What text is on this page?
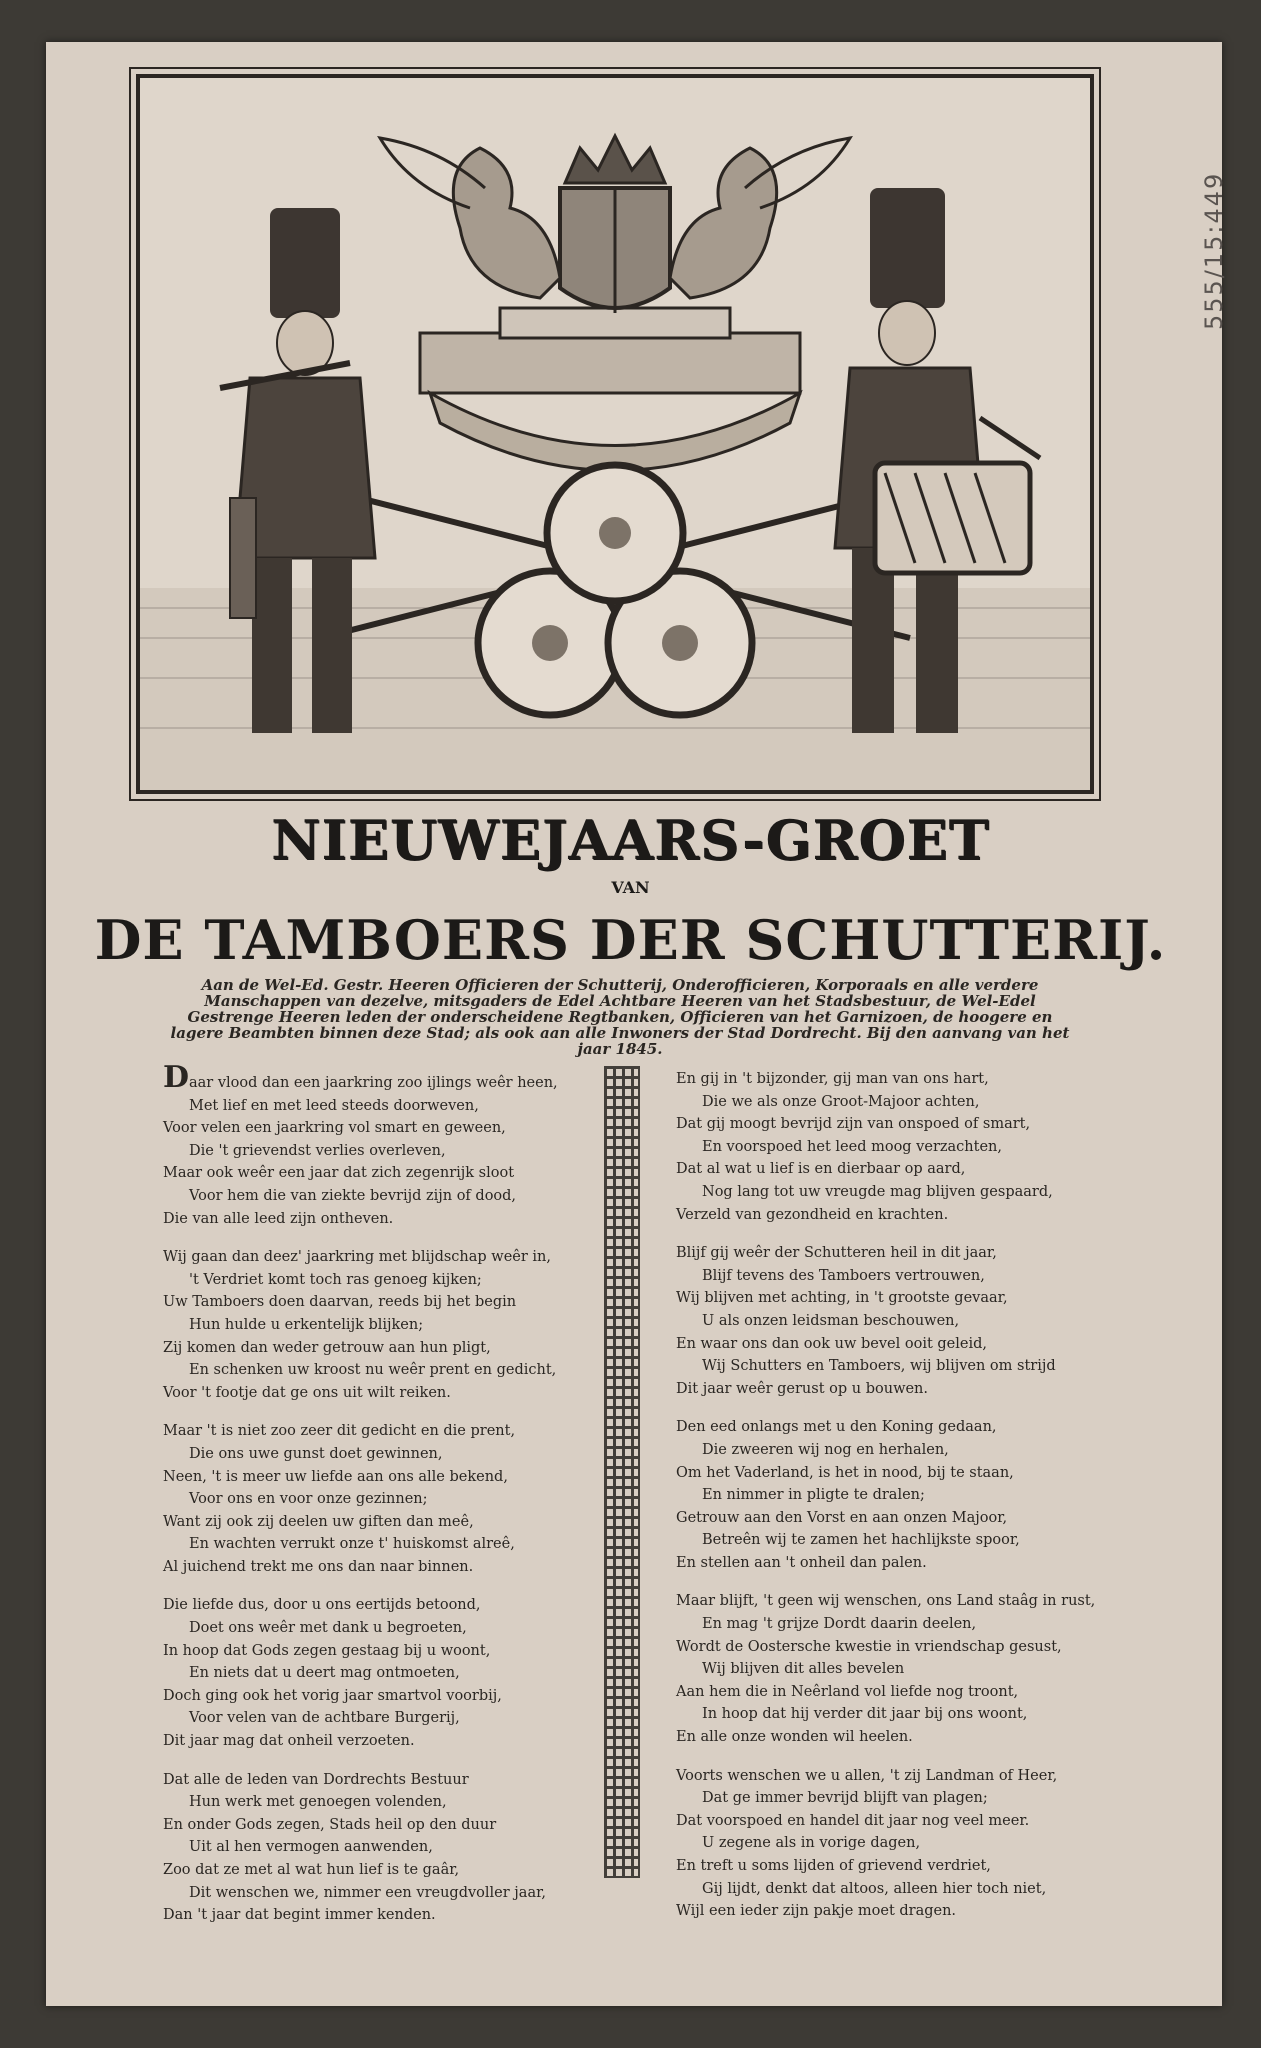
555/15:449
NIEUWEJAARS-GROET
VAN
DE TAMBOERS DER SCHUTTERIJ.
Aan de Wel-Ed. Gestr. Heeren Officieren der Schutterij, Onderofficieren, Korporaals en alle verdere Manschappen van dezelve, mitsgaders de Edel Achtbare Heeren van het Stadsbestuur, de Wel-Edel Gestrenge Heeren leden der onderscheidene Regtbanken, Officieren van het Garnizoen, de hoogere en lagere Beambten binnen deze Stad; als ook aan alle Inwoners der Stad Dordrecht. Bij den aanvang van het jaar 1845.
Daar vlood dan een jaarkring zoo ijlings weêr heen,
Met lief en met leed steeds doorweven,
Voor velen een jaarkring vol smart en geween,
Die 't grievendst verlies overleven,
Maar ook weêr een jaar dat zich zegenrijk sloot
Voor hem die van ziekte bevrijd zijn of dood,
Die van alle leed zijn ontheven.
Wij gaan dan deez' jaarkring met blijdschap weêr in,
't Verdriet komt toch ras genoeg kijken;
Uw Tamboers doen daarvan, reeds bij het begin
Hun hulde u erkentelijk blijken;
Zij komen dan weder getrouw aan hun pligt,
En schenken uw kroost nu weêr prent en gedicht,
Voor 't footje dat ge ons uit wilt reiken.
Maar 't is niet zoo zeer dit gedicht en die prent,
Die ons uwe gunst doet gewinnen,
Neen, 't is meer uw liefde aan ons alle bekend,
Voor ons en voor onze gezinnen;
Want zij ook zij deelen uw giften dan meê,
En wachten verrukt onze t' huiskomst alreê,
Al juichend trekt me ons dan naar binnen.
Die liefde dus, door u ons eertijds betoond,
Doet ons weêr met dank u begroeten,
In hoop dat Gods zegen gestaag bij u woont,
En niets dat u deert mag ontmoeten,
Doch ging ook het vorig jaar smartvol voorbij,
Voor velen van de achtbare Burgerij,
Dit jaar mag dat onheil verzoeten.
Dat alle de leden van Dordrechts Bestuur
Hun werk met genoegen volenden,
En onder Gods zegen, Stads heil op den duur
Uit al hen vermogen aanwenden,
Zoo dat ze met al wat hun lief is te gaâr,
Dit wenschen we, nimmer een vreugdvoller jaar,
Dan 't jaar dat begint immer kenden.
En gij in 't bijzonder, gij man van ons hart,
Die we als onze Groot-Majoor achten,
Dat gij moogt bevrijd zijn van onspoed of smart,
En voorspoed het leed moog verzachten,
Dat al wat u lief is en dierbaar op aard,
Nog lang tot uw vreugde mag blijven gespaard,
Verzeld van gezondheid en krachten.
Blijf gij weêr der Schutteren heil in dit jaar,
Blijf tevens des Tamboers vertrouwen,
Wij blijven met achting, in 't grootste gevaar,
U als onzen leidsman beschouwen,
En waar ons dan ook uw bevel ooit geleid,
Wij Schutters en Tamboers, wij blijven om strijd
Dit jaar weêr gerust op u bouwen.
Den eed onlangs met u den Koning gedaan,
Die zweeren wij nog en herhalen,
Om het Vaderland, is het in nood, bij te staan,
En nimmer in pligte te dralen;
Getrouw aan den Vorst en aan onzen Majoor,
Betreên wij te zamen het hachlijkste spoor,
En stellen aan 't onheil dan palen.
Maar blijft, 't geen wij wenschen, ons Land staâg in rust,
En mag 't grijze Dordt daarin deelen,
Wordt de Oostersche kwestie in vriendschap gesust,
Wij blijven dit alles bevelen
Aan hem die in Neêrland vol liefde nog troont,
In hoop dat hij verder dit jaar bij ons woont,
En alle onze wonden wil heelen.
Voorts wenschen we u allen, 't zij Landman of Heer,
Dat ge immer bevrijd blijft van plagen;
Dat voorspoed en handel dit jaar nog veel meer.
U zegene als in vorige dagen,
En treft u soms lijden of grievend verdriet,
Gij lijdt, denkt dat altoos, alleen hier toch niet,
Wijl een ieder zijn pakje moet dragen.
